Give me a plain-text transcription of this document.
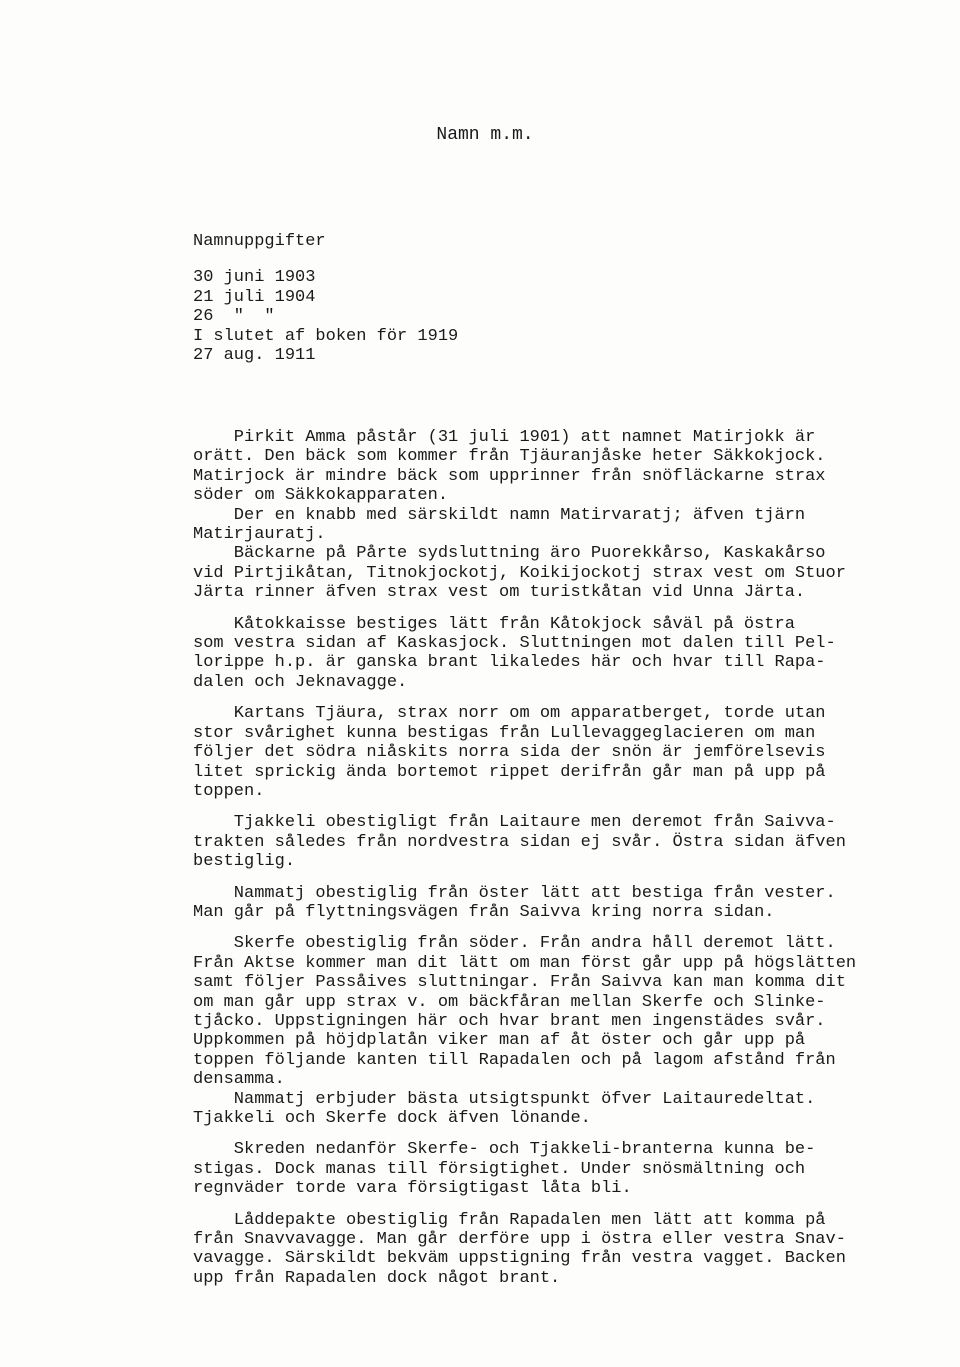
Namn m.m.
Namnuppgifter
30 juni 1903
21 juli 1904
26  "  "
I slutet af boken för 1919
27 aug. 1911
Pirkit Amma påstår (31 juli 1901) att namnet Matirjokk är
orätt. Den bäck som kommer från Tjäuranjåske heter Säkkokjock.
Matirjock är mindre bäck som upprinner från snöfläckarne strax
söder om Säkkokapparaten.
Der en knabb med särskildt namn Matirvaratj; äfven tjärn
Matirjauratj.
Bäckarne på Pårte sydsluttning äro Puorekkårso, Kaskakårso
vid Pirtjikåtan, Titnokjockotj, Koikijockotj strax vest om Stuor
Järta rinner äfven strax vest om turistkåtan vid Unna Järta.
Kåtokkaisse bestiges lätt från Kåtokjock såväl på östra
som vestra sidan af Kaskasjock. Sluttningen mot dalen till Pel-
lorippe h.p. är ganska brant likaledes här och hvar till Rapa-
dalen och Jeknavagge.
Kartans Tjäura, strax norr om om apparatberget, torde utan
stor svårighet kunna bestigas från Lullevaggeglacieren om man
följer det södra niåskits norra sida der snön är jemförelsevis
litet sprickig ända bortemot rippet derifrån går man på upp på
toppen.
Tjakkeli obestigligt från Laitaure men deremot från Saivva-
trakten således från nordvestra sidan ej svår. Östra sidan äfven
bestiglig.
Nammatj obestiglig från öster lätt att bestiga från vester.
Man går på flyttningsvägen från Saivva kring norra sidan.
Skerfe obestiglig från söder. Från andra håll deremot lätt.
Från Aktse kommer man dit lätt om man först går upp på högslätten
samt följer Passåives sluttningar. Från Saivva kan man komma dit
om man går upp strax v. om bäckfåran mellan Skerfe och Slinke-
tjåcko. Uppstigningen här och hvar brant men ingenstädes svår.
Uppkommen på höjdplatån viker man af åt öster och går upp på
toppen följande kanten till Rapadalen och på lagom afstånd från
densamma.
Nammatj erbjuder bästa utsigtspunkt öfver Laitauredeltat.
Tjakkeli och Skerfe dock äfven lönande.
Skreden nedanför Skerfe- och Tjakkeli-branterna kunna be-
stigas. Dock manas till försigtighet. Under snösmältning och
regnväder torde vara försigtigast låta bli.
Låddepakte obestiglig från Rapadalen men lätt att komma på
från Snavvavagge. Man går derföre upp i östra eller vestra Snav-
vavagge. Särskildt bekväm uppstigning från vestra vagget. Backen
upp från Rapadalen dock något brant.
